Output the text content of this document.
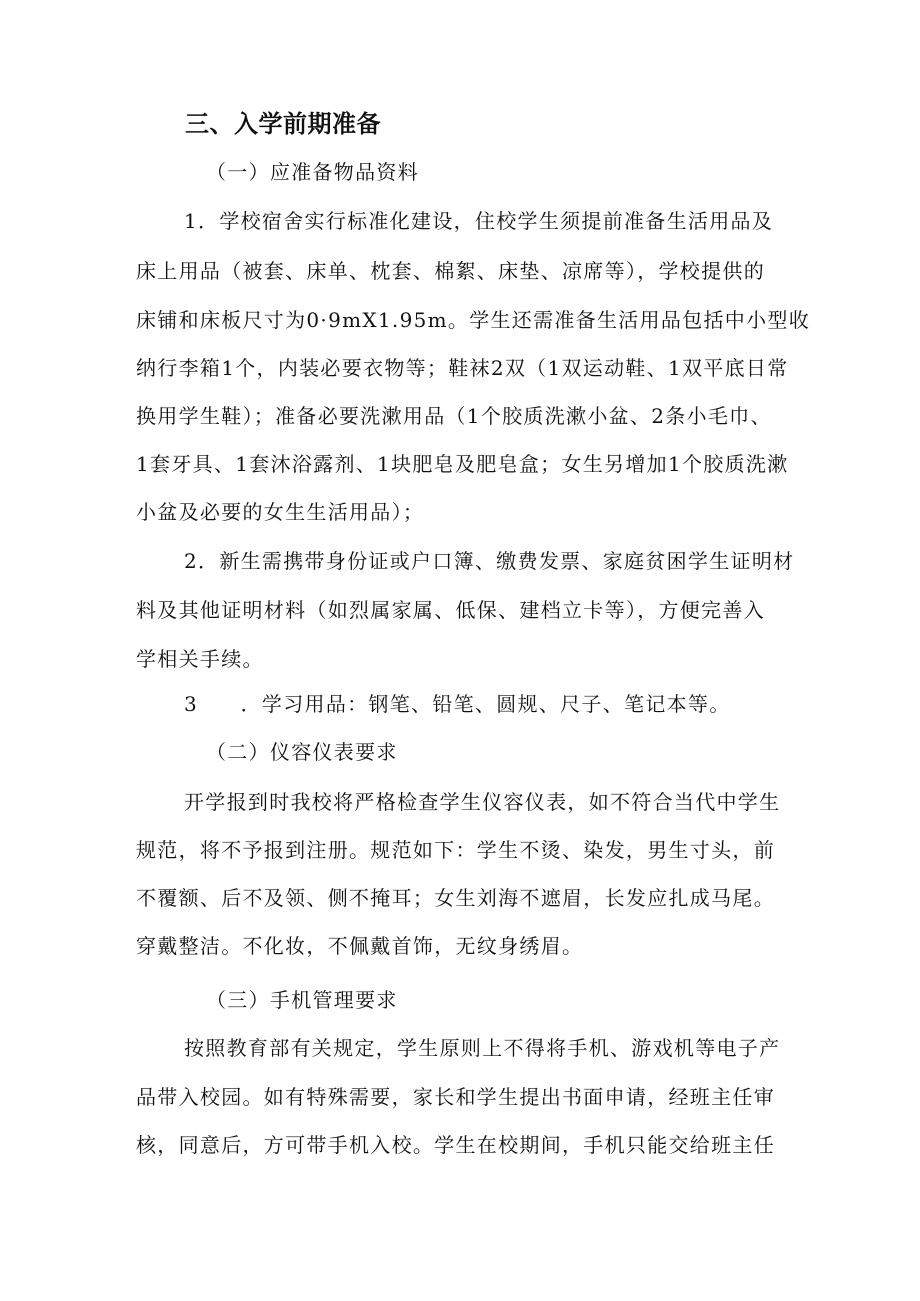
三、入学前期准备
（一）应准备物品资料
1．学校宿舍实行标准化建设，住校学生须提前准备生活用品及
床上用品（被套、床单、枕套、棉絮、床垫、凉席等），学校提供的
床铺和床板尺寸为0·9mX1.95m。学生还需准备生活用品包括中小型收
纳行李箱1个，内装必要衣物等；鞋袜2双（1双运动鞋、1双平底日常
换用学生鞋）；准备必要洗漱用品（1个胶质洗漱小盆、2条小毛巾、
1套牙具、1套沐浴露剂、1块肥皂及肥皂盒；女生另增加1个胶质洗漱
小盆及必要的女生生活用品）；
2．新生需携带身份证或户口簿、缴费发票、家庭贫困学生证明材
料及其他证明材料（如烈属家属、低保、建档立卡等），方便完善入
学相关手续。
3　　．学习用品：钢笔、铅笔、圆规、尺子、笔记本等。
（二）仪容仪表要求
开学报到时我校将严格检查学生仪容仪表，如不符合当代中学生
规范，将不予报到注册。规范如下：学生不烫、染发，男生寸头，前
不覆额、后不及领、侧不掩耳；女生刘海不遮眉，长发应扎成马尾。
穿戴整洁。不化妆，不佩戴首饰，无纹身绣眉。
（三）手机管理要求
按照教育部有关规定，学生原则上不得将手机、游戏机等电子产
品带入校园。如有特殊需要，家长和学生提出书面申请，经班主任审
核，同意后，方可带手机入校。学生在校期间，手机只能交给班主任
